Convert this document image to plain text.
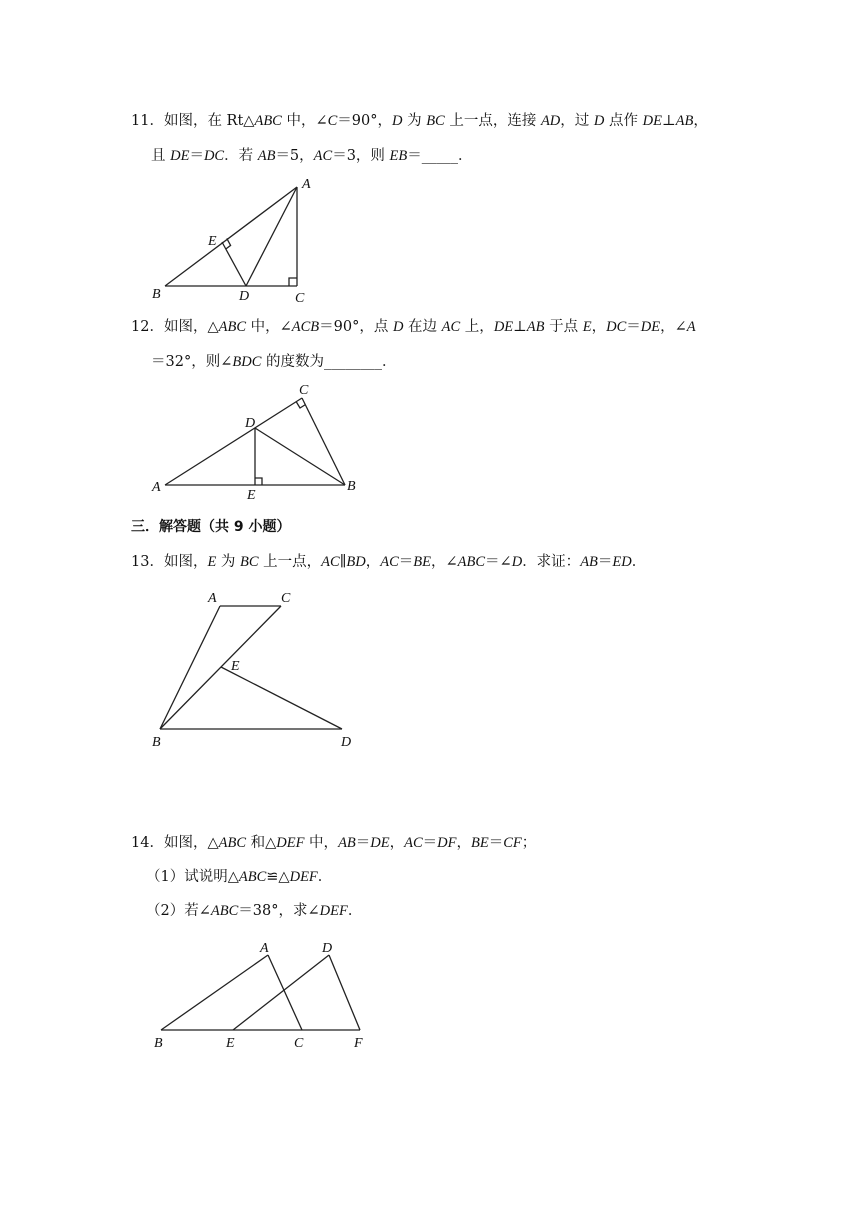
11．如图，在 Rt△ABC 中，∠C＝90°，D 为 BC 上一点，连接 AD，过 D 点作 DE⊥AB，
且 DE＝DC．若 AB＝5，AC＝3，则 EB＝_____．
A
B	C
D
E
12．如图，△ABC 中，∠ACB＝90°，点 D 在边 AC 上，DE⊥AB 于点 E，DC＝DE，∠A
＝32°，则∠BDC 的度数为________．
A	B
C
D
E
三．解答题（共 9 小题）
13．如图，E 为 BC 上一点，AC∥BD，AC＝BE，∠ABC＝∠D．求证：AB＝ED．
A	C
E
B	D
14．如图，△ABC 和△DEF 中，AB＝DE，AC＝DF，BE＝CF；
（1）试说明△ABC≌△DEF．
（2）若∠ABC＝38°，求∠DEF．
A	D
B	E	C	F
